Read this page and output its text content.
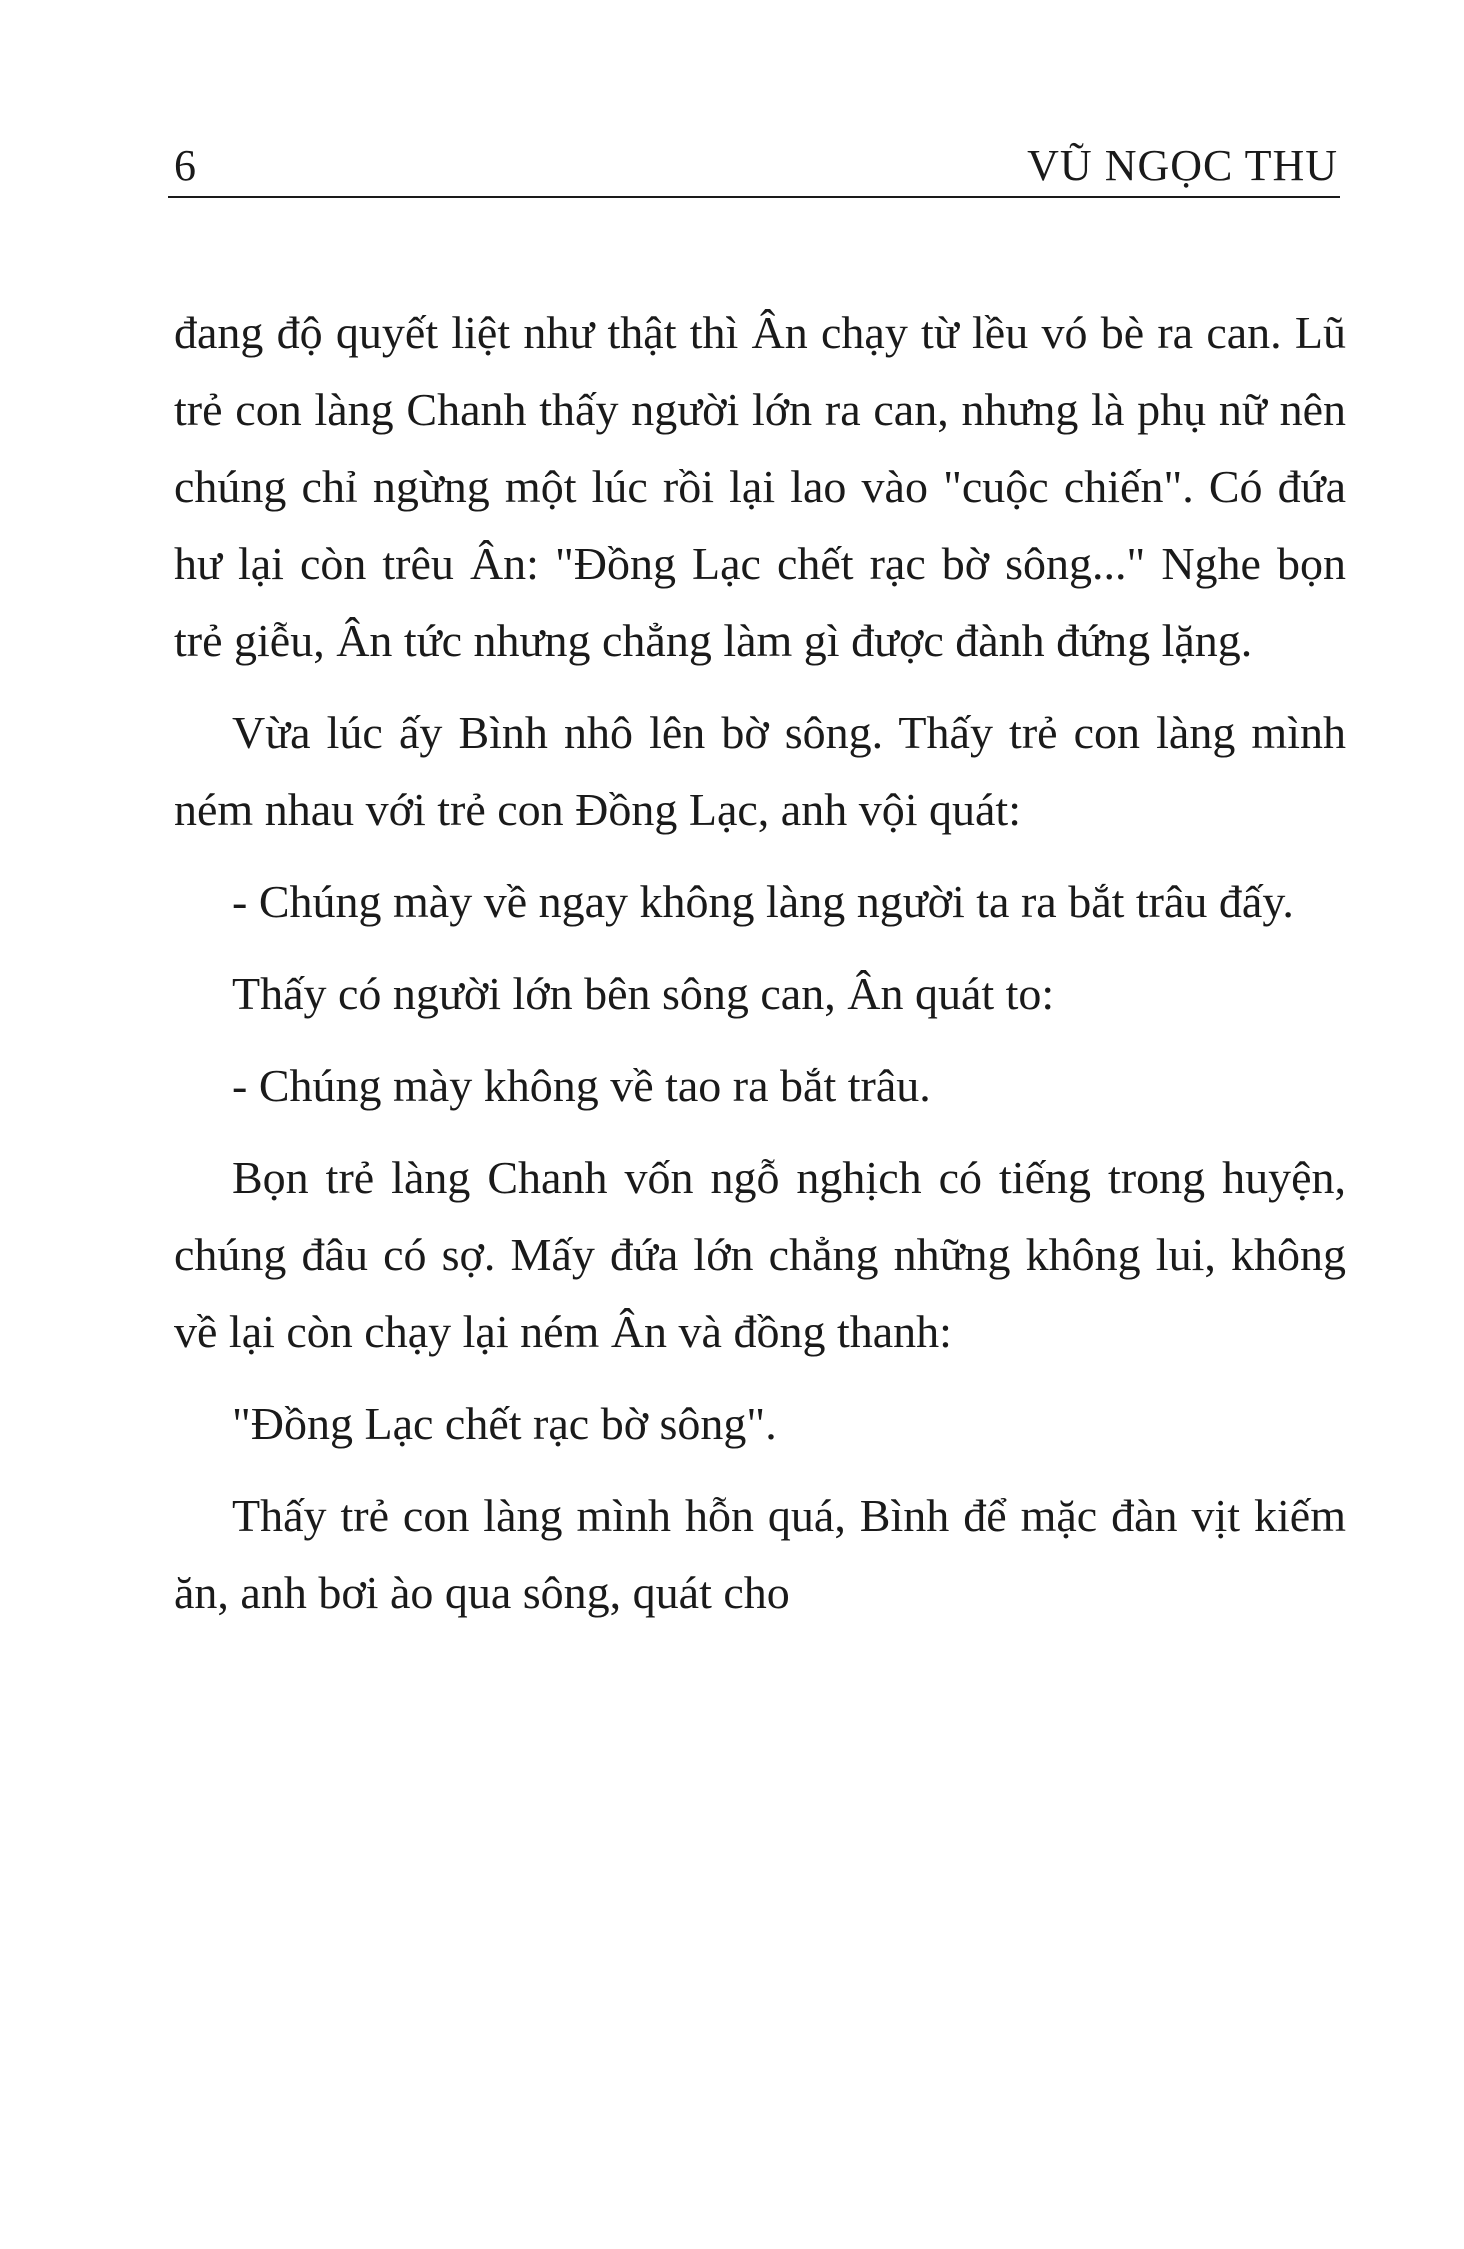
6	VŨ NGỌC THU

đang độ quyết liệt như thật thì Ân chạy từ lều vó bè ra can. Lũ trẻ con làng Chanh thấy người lớn ra can, nhưng là phụ nữ nên chúng chỉ ngừng một lúc rồi lại lao vào "cuộc chiến". Có đứa hư lại còn trêu Ân: "Đồng Lạc chết rạc bờ sông..." Nghe bọn trẻ giễu, Ân tức nhưng chẳng làm gì được đành đứng lặng.

Vừa lúc ấy Bình nhô lên bờ sông. Thấy trẻ con làng mình ném nhau với trẻ con Đồng Lạc, anh vội quát:

- Chúng mày về ngay không làng người ta ra bắt trâu đấy.

Thấy có người lớn bên sông can, Ân quát to:

- Chúng mày không về tao ra bắt trâu.

Bọn trẻ làng Chanh vốn ngỗ nghịch có tiếng trong huyện, chúng đâu có sợ. Mấy đứa lớn chẳng những không lui, không về lại còn chạy lại ném Ân và đồng thanh:

"Đồng Lạc chết rạc bờ sông".

Thấy trẻ con làng mình hỗn quá, Bình để mặc đàn vịt kiếm ăn, anh bơi ào qua sông, quát cho
